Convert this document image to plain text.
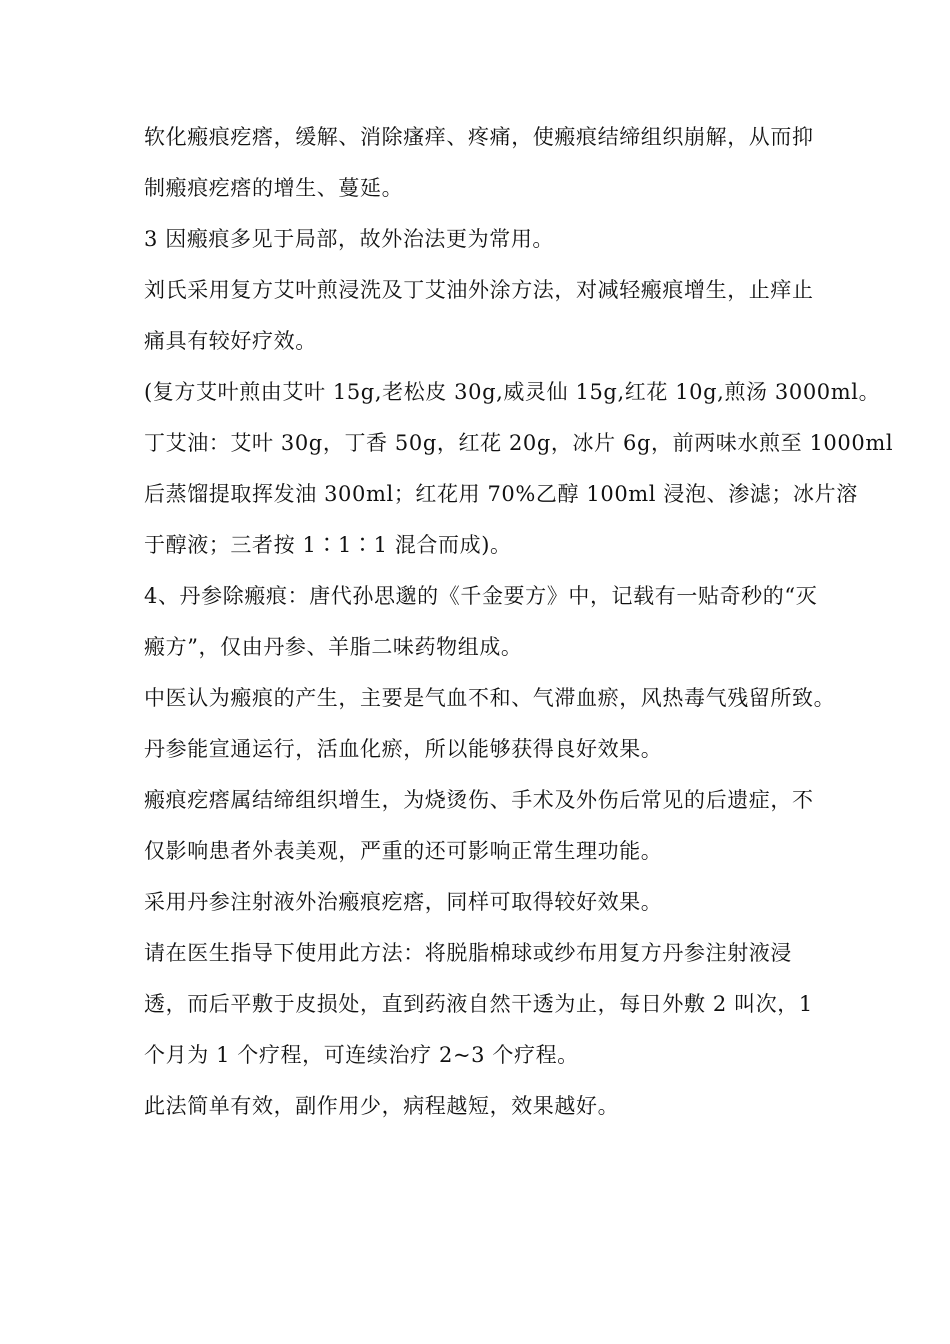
软化瘢痕疙瘩，缓解、消除瘙痒、疼痛，使瘢痕结缔组织崩解，从而抑
制瘢痕疙瘩的增生、蔓延。
3 因瘢痕多见于局部，故外治法更为常用。
刘氏采用复方艾叶煎浸洗及丁艾油外涂方法，对减轻瘢痕增生，止痒止
痛具有较好疗效。
(复方艾叶煎由艾叶 15g,老松皮 30g,威灵仙 15g,红花 10g,煎汤 3000ml。
丁艾油：艾叶 30g，丁香 50g，红花 20g，冰片 6g，前两味水煎至 1000ml
后蒸馏提取挥发油 300ml；红花用 70%乙醇 100ml 浸泡、渗滤；冰片溶
于醇液；三者按 1∶1∶1 混合而成)。
4、丹参除瘢痕：唐代孙思邈的《千金要方》中，记载有一贴奇秒的“灭
瘢方”，仅由丹参、羊脂二味药物组成。
中医认为瘢痕的产生，主要是气血不和、气滞血瘀，风热毒气残留所致。
丹参能宣通运行，活血化瘀，所以能够获得良好效果。
瘢痕疙瘩属结缔组织增生，为烧烫伤、手术及外伤后常见的后遗症，不
仅影响患者外表美观，严重的还可影响正常生理功能。
采用丹参注射液外治瘢痕疙瘩，同样可取得较好效果。
请在医生指导下使用此方法：将脱脂棉球或纱布用复方丹参注射液浸
透，而后平敷于皮损处，直到药液自然干透为止，每日外敷 2 叫次，1
个月为 1 个疗程，可连续治疗 2~3 个疗程。
此法简单有效，副作用少，病程越短，效果越好。
